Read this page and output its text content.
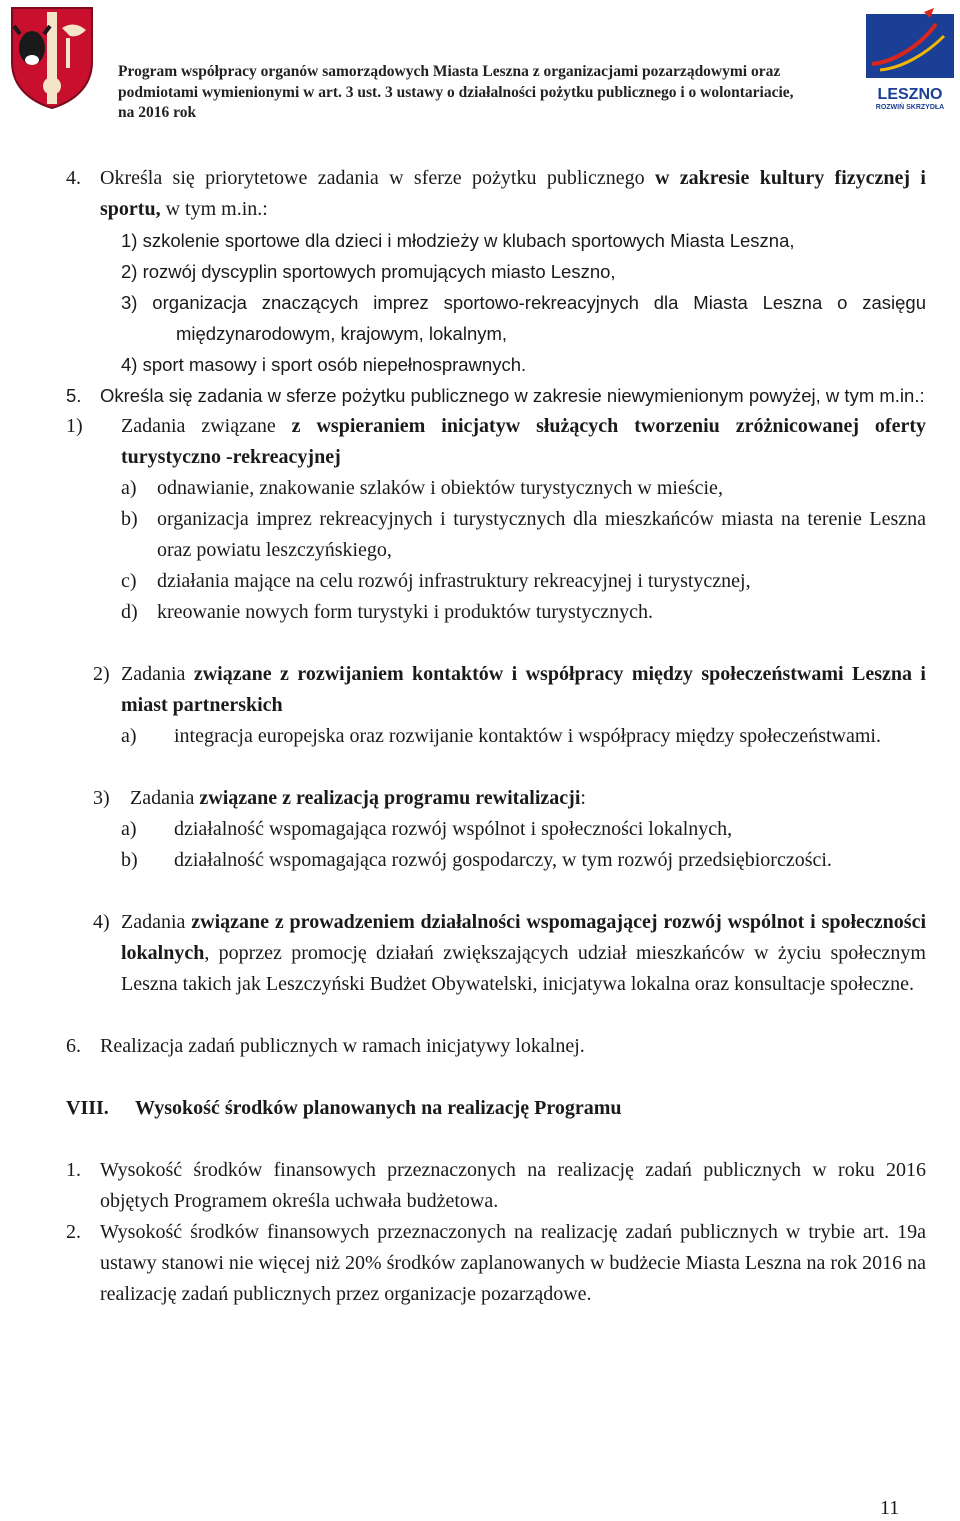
Program współpracy organów samorządowych Miasta Leszna z organizacjami pozarządowymi oraz
podmiotami wymienionymi w art. 3 ust. 3 ustawy o działalności pożytku publicznego i o wolontariacie,
na 2016 rok
LESZNO
ROZWIŃ SKRZYDŁA
4. Określa się priorytetowe zadania w sferze pożytku publicznego w zakresie kultury fizycznej i sportu, w tym m.in.:
1) szkolenie sportowe dla dzieci i młodzieży w klubach sportowych Miasta Leszna,
2) rozwój dyscyplin sportowych promujących miasto Leszno,
3) organizacja znaczących imprez sportowo-rekreacyjnych dla Miasta Leszna o zasięgu międzynarodowym, krajowym, lokalnym,
4) sport masowy i sport osób niepełnosprawnych.
5. Określa się zadania w sferze pożytku publicznego w zakresie niewymienionym powyżej, w tym m.in.:
1) Zadania związane z wspieraniem inicjatyw służących tworzeniu zróżnicowanej oferty turystyczno -rekreacyjnej
a) odnawianie, znakowanie szlaków i obiektów turystycznych w mieście,
b) organizacja imprez rekreacyjnych i turystycznych dla mieszkańców miasta na terenie Leszna oraz powiatu leszczyńskiego,
c) działania mające na celu rozwój infrastruktury rekreacyjnej i turystycznej,
d) kreowanie nowych form turystyki i produktów turystycznych.
2) Zadania związane z rozwijaniem kontaktów i współpracy między społeczeństwami Leszna i miast partnerskich
a) integracja europejska oraz rozwijanie kontaktów i współpracy między społeczeństwami.
3) Zadania związane z realizacją programu rewitalizacji:
a) działalność wspomagająca rozwój wspólnot i społeczności lokalnych,
b) działalność wspomagająca rozwój gospodarczy, w tym rozwój przedsiębiorczości.
4) Zadania związane z prowadzeniem działalności wspomagającej rozwój wspólnot i społeczności lokalnych, poprzez promocję działań zwiększających udział mieszkańców w życiu społecznym Leszna takich jak Leszczyński Budżet Obywatelski, inicjatywa lokalna oraz konsultacje społeczne.
6. Realizacja zadań publicznych w ramach inicjatywy lokalnej.
VIII. Wysokość środków planowanych na realizację Programu
1. Wysokość środków finansowych przeznaczonych na realizację zadań publicznych w roku 2016 objętych Programem określa uchwała budżetowa.
2. Wysokość środków finansowych przeznaczonych na realizację zadań publicznych w trybie art. 19a ustawy stanowi nie więcej niż 20% środków zaplanowanych w budżecie Miasta Leszna na rok 2016 na realizację zadań publicznych przez organizacje pozarządowe.
11
